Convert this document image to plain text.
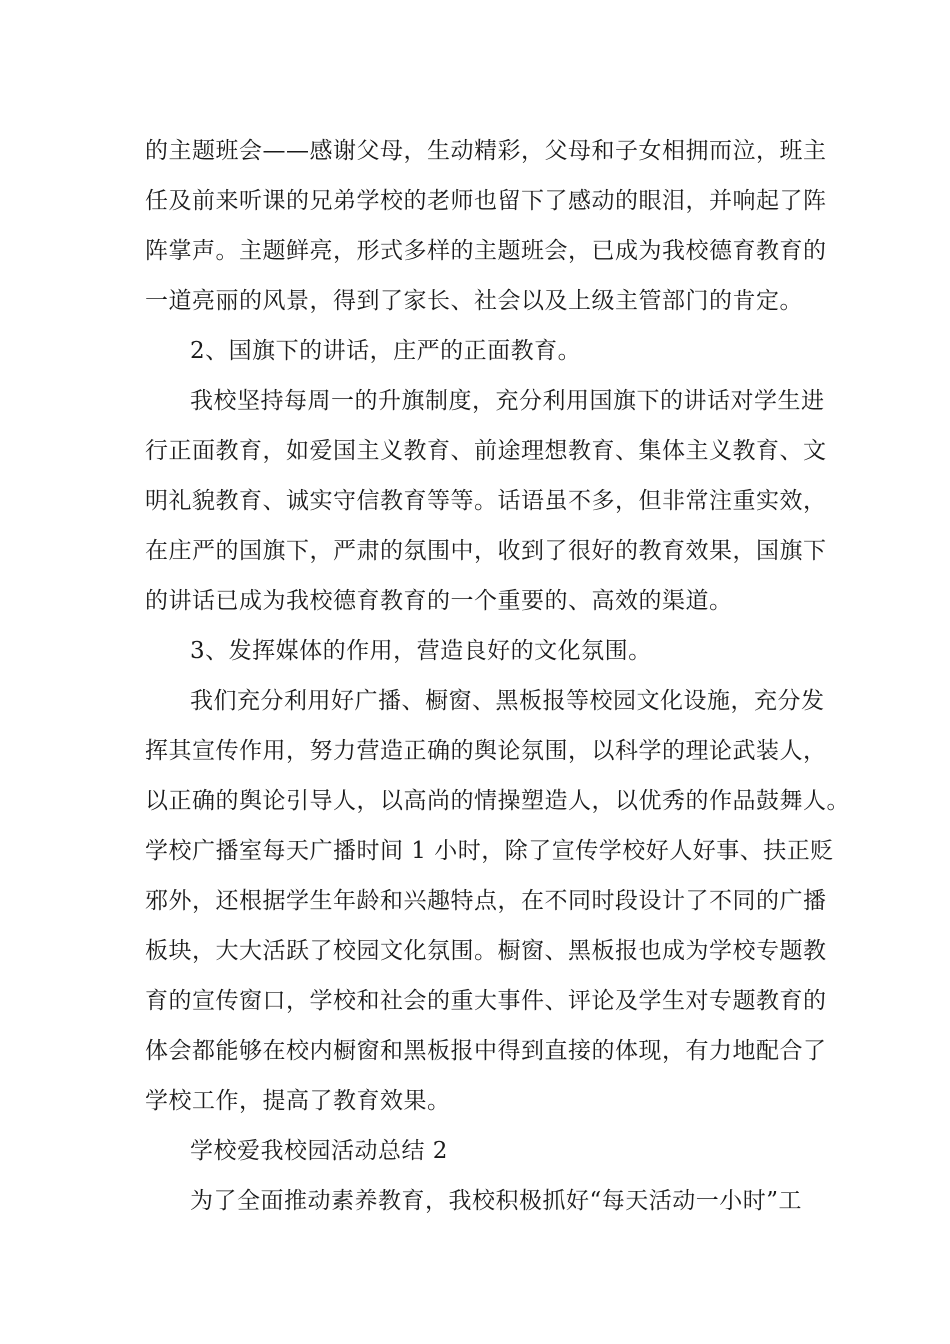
的主题班会——感谢父母，生动精彩，父母和子女相拥而泣，班主
任及前来听课的兄弟学校的老师也留下了感动的眼泪，并响起了阵
阵掌声。主题鲜亮，形式多样的主题班会，已成为我校德育教育的
一道亮丽的风景，得到了家长、社会以及上级主管部门的肯定。
2、国旗下的讲话，庄严的正面教育。
我校坚持每周一的升旗制度，充分利用国旗下的讲话对学生进
行正面教育，如爱国主义教育、前途理想教育、集体主义教育、文
明礼貌教育、诚实守信教育等等。话语虽不多，但非常注重实效，
在庄严的国旗下，严肃的氛围中，收到了很好的教育效果，国旗下
的讲话已成为我校德育教育的一个重要的、高效的渠道。
3、发挥媒体的作用，营造良好的文化氛围。
我们充分利用好广播、橱窗、黑板报等校园文化设施，充分发
挥其宣传作用，努力营造正确的舆论氛围，以科学的理论武装人，
以正确的舆论引导人，以高尚的情操塑造人，以优秀的作品鼓舞人。
学校广播室每天广播时间 1 小时，除了宣传学校好人好事、扶正贬
邪外，还根据学生年龄和兴趣特点，在不同时段设计了不同的广播
板块，大大活跃了校园文化氛围。橱窗、黑板报也成为学校专题教
育的宣传窗口，学校和社会的重大事件、评论及学生对专题教育的
体会都能够在校内橱窗和黑板报中得到直接的体现，有力地配合了
学校工作，提高了教育效果。
学校爱我校园活动总结 2
为了全面推动素养教育，我校积极抓好“每天活动一小时”工
